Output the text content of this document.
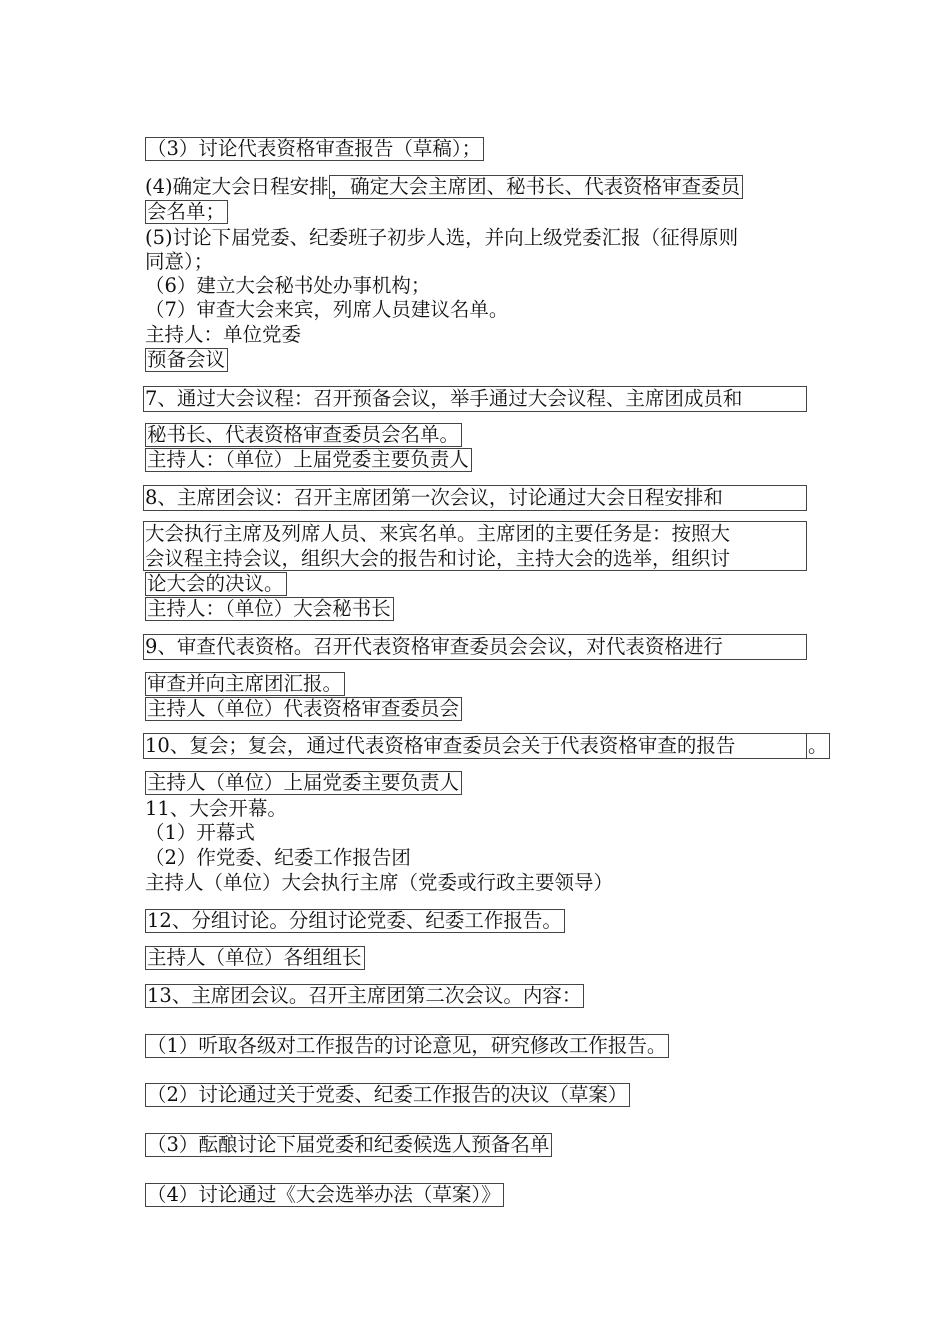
（3）讨论代表资格审查报告（草稿）；
(4)确定大会日程安排 ，确定大会主席团、秘书长、代表资格审查委员
会名单；
(5)讨论下届党委、纪委班子初步人选，并向上级党委汇报（征得原则
同意）；
（6）建立大会秘书处办事机构；
（7）审查大会来宾，列席人员建议名单。
主持人：单位党委
预备会议
7、通过大会议程：召开预备会议，举手通过大会议程、主席团成员和
秘书长、代表资格审查委员会名单。
主持人：（单位）上届党委主要负责人
8、主席团会议：召开主席团第一次会议，讨论通过大会日程安排和
大会执行主席及列席人员、来宾名单。主席团的主要任务是：按照大
会议程主持会议，组织大会的报告和讨论，主持大会的选举，组织讨
论大会的决议。
主持人：（单位）大会秘书长
9、审查代表资格。召开代表资格审查委员会会议，对代表资格进行
审查并向主席团汇报。
主持人（单位）代表资格审查委员会
10、复会；复会，通过代表资格审查委员会关于代表资格审查的报告	。
主持人（单位）上届党委主要负责人
11、大会开幕。
（1）开幕式
（2）作党委、纪委工作报告团
主持人（单位）大会执行主席（党委或行政主要领导）
12、分组讨论。分组讨论党委、纪委工作报告。
主持人（单位）各组组长
13、主席团会议。召开主席团第二次会议。内容：
（1）听取各级对工作报告的讨论意见，研究修改工作报告。
（2）讨论通过关于党委、纪委工作报告的决议（草案）
（3）酝酿讨论下届党委和纪委候选人预备名单
（4）讨论通过《大会选举办法（草案）》
